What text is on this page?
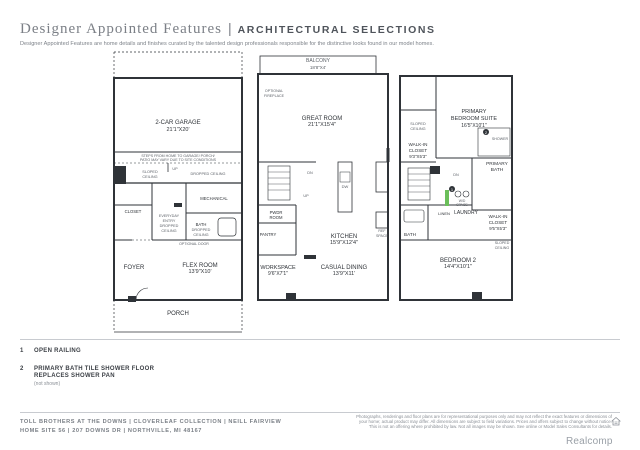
Designer Appointed Features | ARCHITECTURAL SELECTIONS
Designer Appointed Features are home details and finishes curated by the talented design professionals responsible for the distinctive looks found in our model homes.
2-CAR GARAGE
21'1"X20'
STEPS FROM HOME TO GARAGE/ PORCH/
PATIO MAY VARY DUE TO SITE CONDITIONS
SLOPED
CEILING
DROPPED CEILING
UP
CLOSET
EVERYDAY
ENTRY
DROPPED
CEILING
MECHANICAL
BATH
DROPPED
CEILING
OPTIONAL DOOR
FOYER	FLEX ROOM
13'9"X10'
PORCH
BALCONY
18'8"X4'
OPTIONAL
FIREPLACE
GREAT ROOM
21'1"X15'4"
DN
UP
PWDR
ROOM
PANTRY
DW
KITCHEN
15'9"X12'4"
REF
SPACE
WORKSPACE
9'6"X7'1"
CASUAL DINING
13'9"X11'
1
2
PRIMARY
BEDROOM SUITE
16'5"X10'1"
SLOPED
CEILING
SHOWER
WALK-IN
CLOSET
9'3"X5'3"
PRIMARY
BATH
DN
W/D
SPACE
LINEN LAUNDRY
WALK-IN
CLOSET
9'5"X5'3"
SLOPED
CEILING
BATH
BEDROOM 2
14'4"X10'1"
1	OPEN RAILING
2	PRIMARY BATH TILE SHOWER FLOOR
REPLACES SHOWER PAN
(not shown)
TOLL BROTHERS AT THE DOWNS | CLOVERLEAF COLLECTION | NEILL FAIRVIEW
HOME SITE 56 | 207 DOWNS DR | NORTHVILLE, MI 48167
Photographs, renderings and floor plans are for representational purposes only and may not reflect the exact features or dimensions of
your home; actual product may differ. All dimensions are subject to field variations. Prices and offers subject to change without notice.
This is not an offering where prohibited by law. Not all images may be shown. See online or Model Sales Consultants for details.
Realcomp
